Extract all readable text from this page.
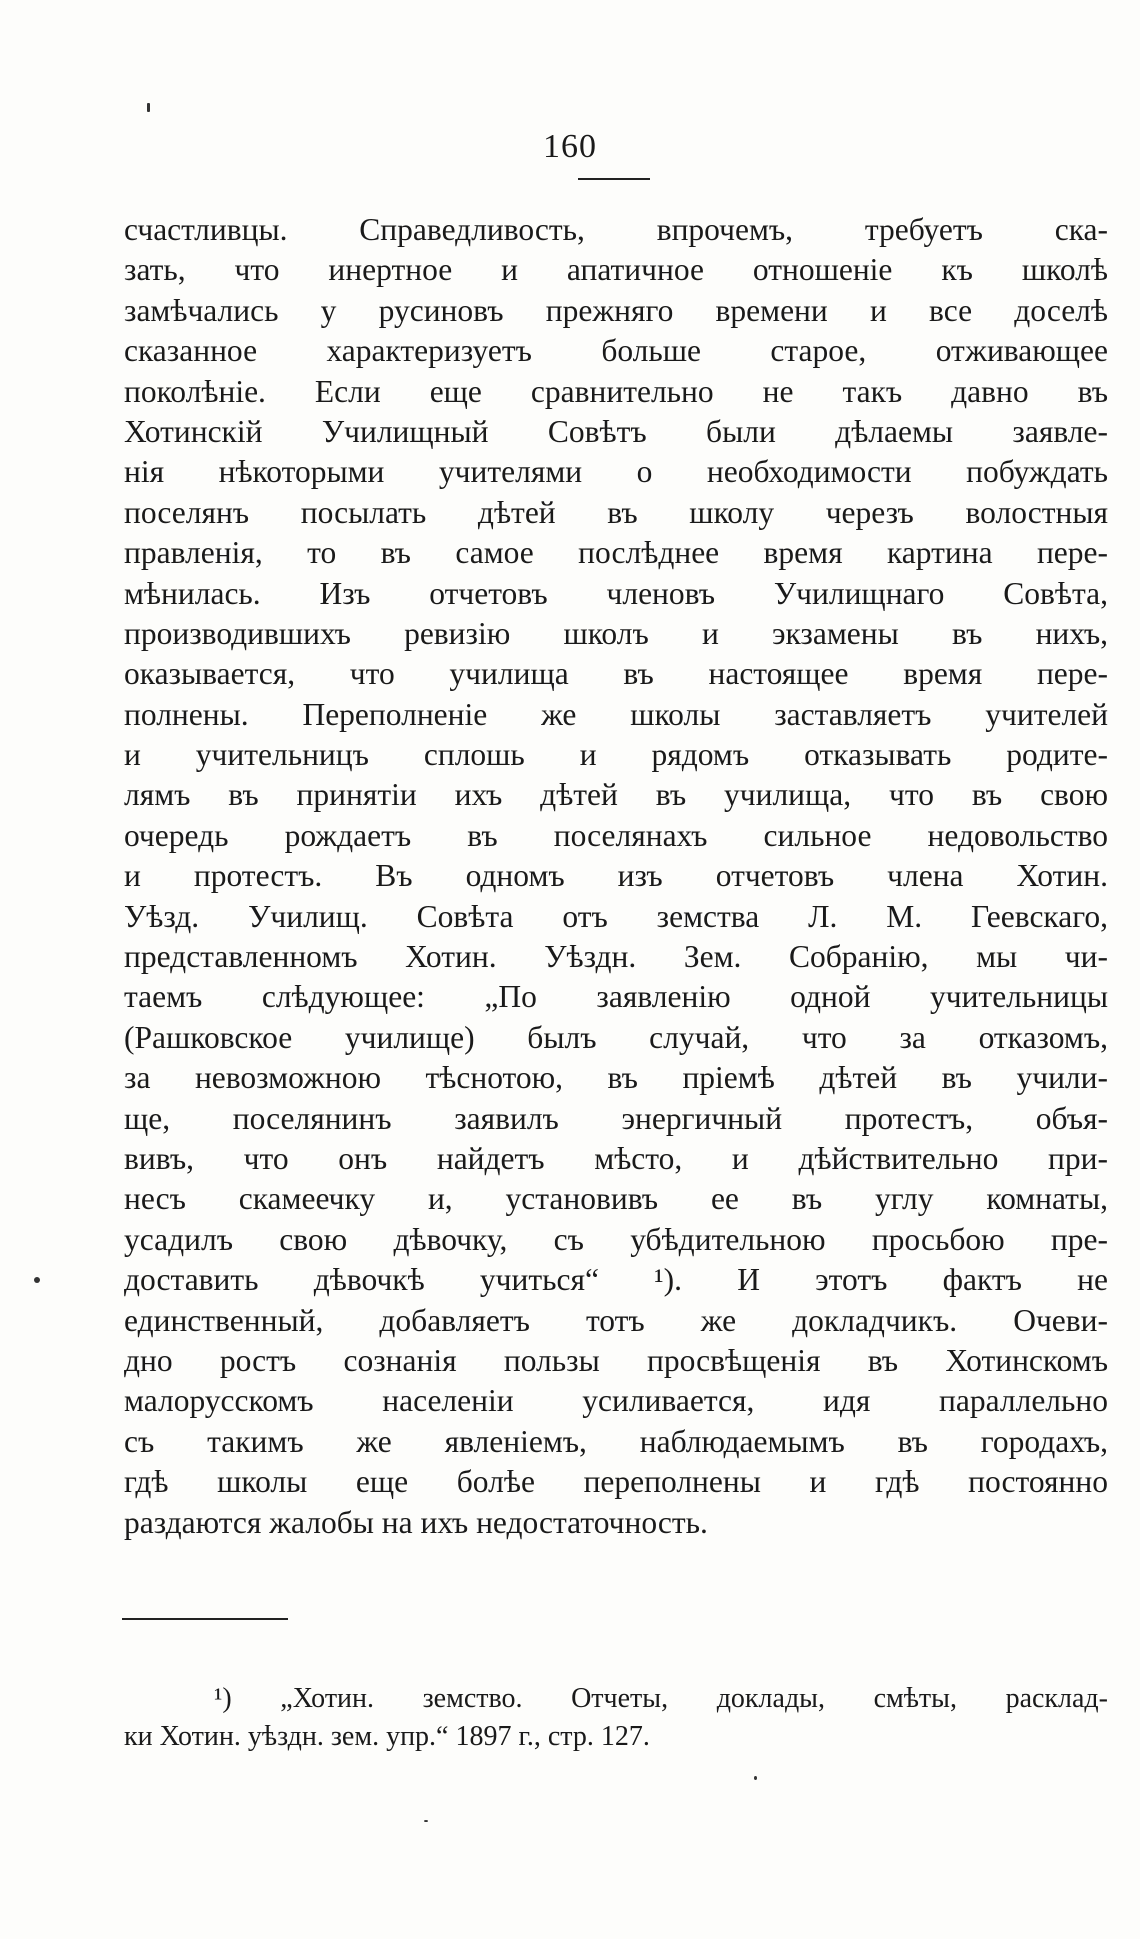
160
счастливцы. Справедливость, впрочемъ, требуетъ ска-
зать, что инертное и апатичное отношеніе къ школѣ
замѣчались у русиновъ прежняго времени и все доселѣ
сказанное характеризуетъ больше старое, отживающее
поколѣніе. Если еще сравнительно не такъ давно въ
Хотинскій Училищный Совѣтъ были дѣлаемы заявле-
нія нѣкоторыми учителями о необходимости побуждать
поселянъ посылать дѣтей въ школу черезъ волостныя
правленія, то въ самое послѣднее время картина пере-
мѣнилась. Изъ отчетовъ членовъ Училищнаго Совѣта,
производившихъ ревизію школъ и экзамены въ нихъ,
оказывается, что училища въ настоящее время пере-
полнены. Переполненіе же школы заставляетъ учителей
и учительницъ сплошь и рядомъ отказывать родите-
лямъ въ принятіи ихъ дѣтей въ училища, что въ свою
очередь рождаетъ въ поселянахъ сильное недовольство
и протестъ. Въ одномъ изъ отчетовъ члена Хотин.
Уѣзд. Училищ. Совѣта отъ земства Л. М. Геевскаго,
представленномъ Хотин. Уѣздн. Зем. Собранію, мы чи-
таемъ слѣдующее: „По заявленію одной учительницы
(Рашковское училище) былъ случай, что за отказомъ,
за невозможною тѣснотою, въ пріемѣ дѣтей въ учили-
ще, поселянинъ заявилъ энергичный протестъ, объя-
вивъ, что онъ найдетъ мѣсто, и дѣйствительно при-
несъ скамеечку и, установивъ ее въ углу комнаты,
усадилъ свою дѣвочку, съ убѣдительною просьбою пре-
доставить дѣвочкѣ учиться“ ¹). И этотъ фактъ не
единственный, добавляетъ тотъ же докладчикъ. Очеви-
дно ростъ сознанія пользы просвѣщенія въ Хотинскомъ
малорусскомъ населеніи усиливается, идя параллельно
съ такимъ же явленіемъ, наблюдаемымъ въ городахъ,
гдѣ школы еще болѣе переполнены и гдѣ постоянно
раздаются жалобы на ихъ недостаточность.
¹) „Хотин. земство. Отчеты, доклады, смѣты, расклад-
ки Хотин. уѣздн. зем. упр.“ 1897 г., стр. 127.
